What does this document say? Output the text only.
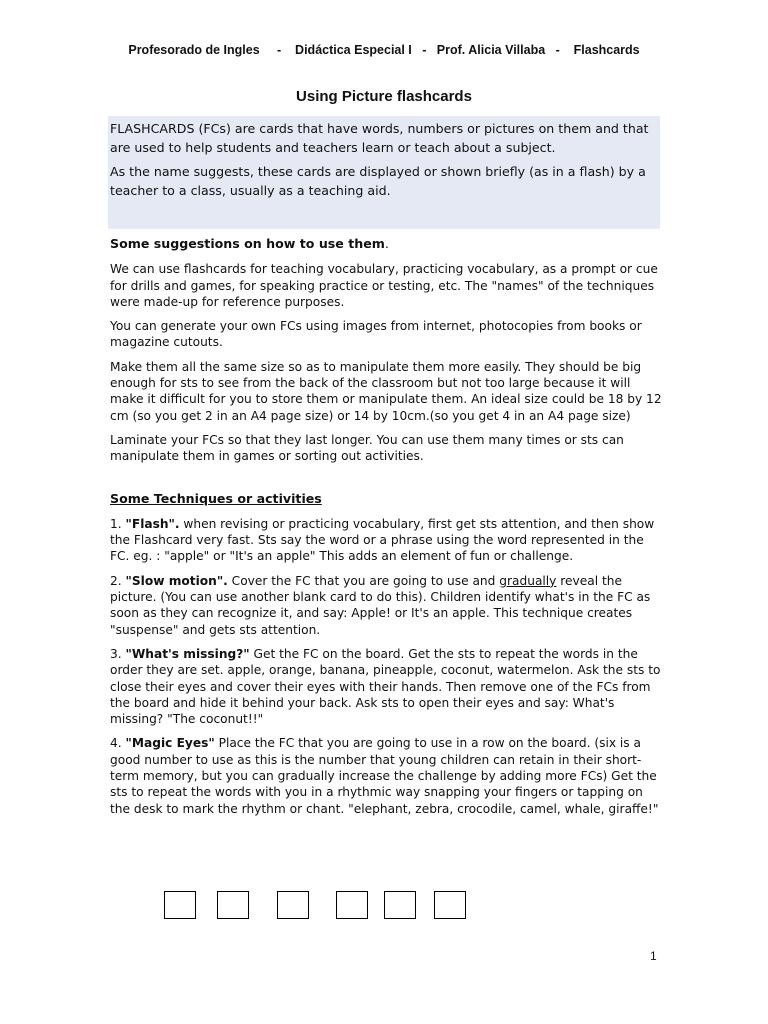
Profesorado de Ingles     -    Didáctica Especial I   -   Prof. Alicia Villaba   -    Flashcards
Using Picture flashcards

FLASHCARDS (FCs) are cards that have words, numbers or pictures on them and that are used to help students and teachers learn or teach about a subject.

As the name suggests, these cards are displayed or shown briefly (as in a flash) by a teacher to a class, usually as a teaching aid.

Some suggestions on how to use them.

We can use flashcards for teaching vocabulary, practicing vocabulary, as a prompt or cue for drills and games, for speaking practice or testing, etc. The "names" of the techniques were made-up for reference purposes.

You can generate your own FCs using images from internet, photocopies from books or magazine cutouts.

Make them all the same size so as to manipulate them more easily. They should be big enough for sts to see from the back of the classroom but not too large because it will make it difficult for you to store them or manipulate them. An ideal size could be 18 by 12 cm (so you get 2 in an A4 page size) or 14 by 10cm.(so you get 4 in an A4 page size)

Laminate your FCs so that they last longer. You can use them many times or sts can manipulate them in games or sorting out activities.

Some Techniques or activities

1. "Flash". when revising or practicing vocabulary, first get sts attention, and then show the Flashcard very fast. Sts say the word or a phrase using the word represented in the FC. eg. : "apple" or "It's an apple" This adds an element of fun or challenge.

2. "Slow motion". Cover the FC that you are going to use and gradually reveal the picture. (You can use another blank card to do this). Children identify what's in the FC as soon as they can recognize it, and say: Apple! or It's an apple. This technique creates "suspense" and gets sts attention.

3. "What's missing?" Get the FC on the board. Get the sts to repeat the words in the order they are set. apple, orange, banana, pineapple, coconut, watermelon. Ask the sts to close their eyes and cover their eyes with their hands. Then remove one of the FCs from the board and hide it behind your back. Ask sts to open their eyes and say: What's missing? "The coconut!!"

4. "Magic Eyes" Place the FC that you are going to use in a row on the board. (six is a good number to use as this is the number that young children can retain in their short-term memory, but you can gradually increase the challenge by adding more FCs) Get the sts to repeat the words with you in a rhythmic way snapping your fingers or tapping on the desk to mark the rhythm or chant. "elephant, zebra, crocodile, camel, whale, giraffe!"

1
